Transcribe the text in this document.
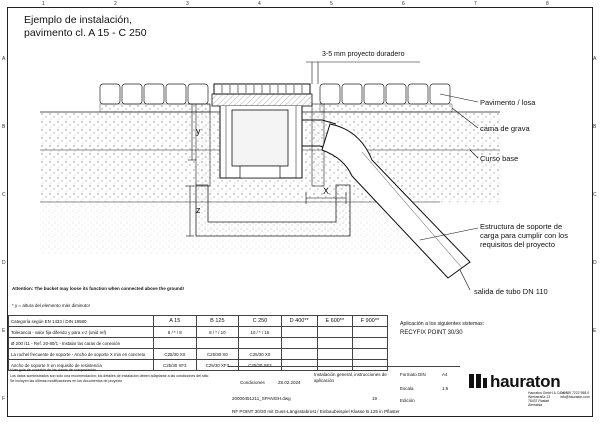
1	2	3	4	5	6	7	8
A
B
C
D
E
F
A
B
C
D
E
Ejemplo de instalación,
pavimento cl. A 15 - C 250
y
z
X
3-5 mm proyecto duradero
Pavimento / losa
cama de grava
Curso base
Estructura de soporte de
carga para cumplir con los
requisitos del proyecto
salida de tubo DN 110
Attention: The bucket may loose its function when connected above the ground!
* y = altura del elemento más diminuto!
Categoría según EN 1433 / DIN 19580	A 15	B 125	C 250	D 400**	E 600**	F 900**
Tolerancia - valor fija diferido y para x-z (unid ref)	8 / * / 8	8 / * / 10	10 / * / 15			
Ø 200 /11 - Ref. 20-80/1 - Instalar las caras de conexión						
La rochel frecuente de soporte - Ancho de soporte X min en concreto	C25/30 X0	C25/30 X0	C25/30 X0			
Ancho de soporte X en requisito de resistencia	C25/30 XF3	C25/30 XF3	C25/30 XF3			
**ver guía de conexión de las clases de compactación
Los datos suministrados son solo una recomendación; los detalles de instalación deben adaptarse a las condiciones del sitio
Se incluyen las últimas modificaciones en los documentos de proyecto
Aplicación a los siguientes sistemas:
RECYFIX POINT 30/30
Condiciones	28.02.2024
Instalación general, instrucciones de aplicación
20000451211_SPANISH.dwg	19
Formato DIN	A4
Escala	1:5
Edición
RF POINT 30/30 mit Guss-Längsstabrost / Einbaubeispiel Klasse B 125 in Pflaster
hauraton
Hauraton GmbH & Co. KG
Werkstraße 13
76437 Rastatt
Alemania
Tel +49 7222 958-0
info@hauraton.com
